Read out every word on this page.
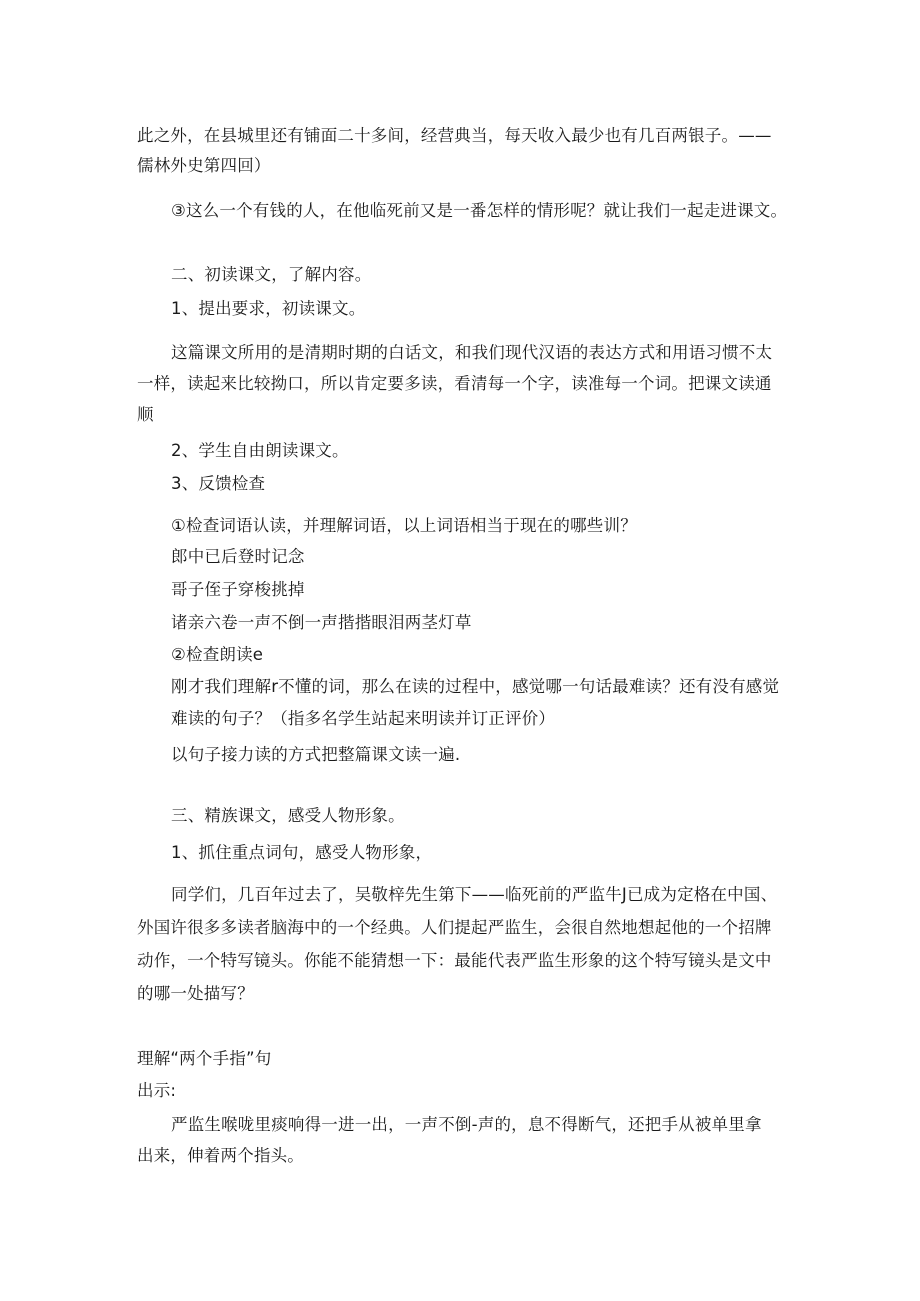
此之外，在县城里还有铺面二十多间，经营典当，每天收入最少也有几百两银子。——
儒林外史第四回）
③这么一个有钱的人，在他临死前又是一番怎样的情形呢？就让我们一起走进课文。
二、初读课文，了解内容。
1、提出要求，初读课文。
这篇课文所用的是清期时期的白话文，和我们现代汉语的表达方式和用语习惯不太
一样，读起来比较拗口，所以肯定要多读，看清每一个字，读准每一个词。把课文读通
顺
2、学生自由朗读课文。
3、反馈检查
①检查词语认读，并理解词语，以上词语相当于现在的哪些训？
郎中已后登时记念
哥子侄子穿梭挑掉
诸亲六卷一声不倒一声揩揩眼泪两茎灯草
②检查朗读e
刚才我们理解r不懂的词，那么在读的过程中，感觉哪一句话最难读？还有没有感觉
难读的句子？（指多名学生站起来明读并订正评价）
以句子接力读的方式把整篇课文读一遍.
三、精族课文，感受人物形象。
1、抓住重点词句，感受人物形象，
同学们，几百年过去了，吴敬梓先生第下——临死前的严监牛J已成为定格在中国、
外国许很多多读者脑海中的一个经典。人们提起严监生，会很自然地想起他的一个招牌
动作，一个特写镜头。你能不能猜想一下：最能代表严监生形象的这个特写镜头是文中
的哪一处描写？
理解“两个手指”句
出示:
严监生喉咙里痰响得一进一出，一声不倒-声的，息不得断气，还把手从被单里拿
出来，伸着两个指头。
